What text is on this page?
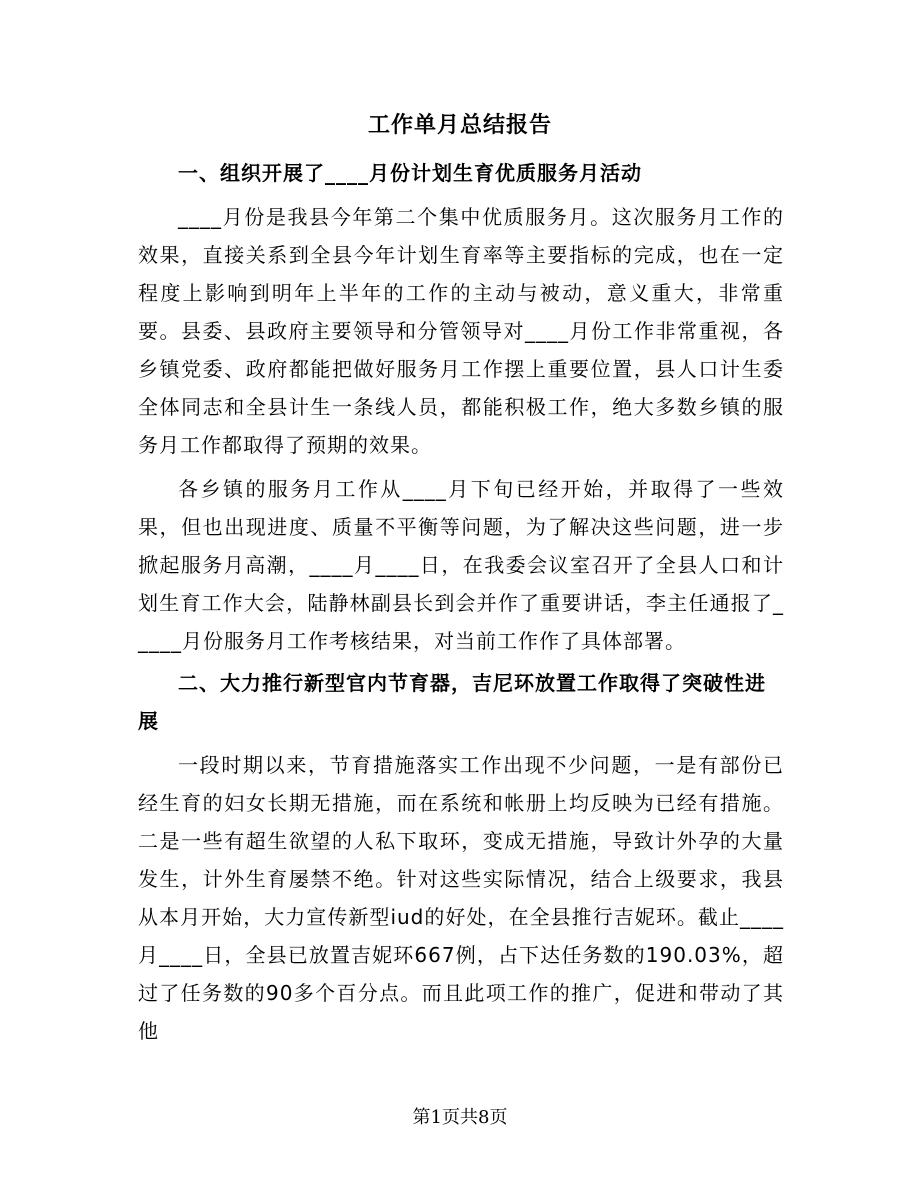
工作单月总结报告

一、组织开展了____月份计划生育优质服务月活动

____月份是我县今年第二个集中优质服务月。这次服务月工作的效果，直接关系到全县今年计划生育率等主要指标的完成，也在一定程度上影响到明年上半年的工作的主动与被动，意义重大，非常重要。县委、县政府主要领导和分管领导对____月份工作非常重视，各乡镇党委、政府都能把做好服务月工作摆上重要位置，县人口计生委全体同志和全县计生一条线人员，都能积极工作，绝大多数乡镇的服务月工作都取得了预期的效果。

各乡镇的服务月工作从____月下旬已经开始，并取得了一些效果，但也出现进度、质量不平衡等问题，为了解决这些问题，进一步掀起服务月高潮，____月____日，在我委会议室召开了全县人口和计划生育工作大会，陆静林副县长到会并作了重要讲话，李主任通报了_____月份服务月工作考核结果，对当前工作作了具体部署。

二、大力推行新型官内节育器，吉尼环放置工作取得了突破性进展

一段时期以来，节育措施落实工作出现不少问题，一是有部份已经生育的妇女长期无措施，而在系统和帐册上均反映为已经有措施。二是一些有超生欲望的人私下取环，变成无措施，导致计外孕的大量发生，计外生育屡禁不绝。针对这些实际情况，结合上级要求，我县从本月开始，大力宣传新型iud的好处，在全县推行吉妮环。截止____月____日，全县已放置吉妮环667例，占下达任务数的190.03%，超过了任务数的90多个百分点。而且此项工作的推广，促进和带动了其他

第1页共8页
